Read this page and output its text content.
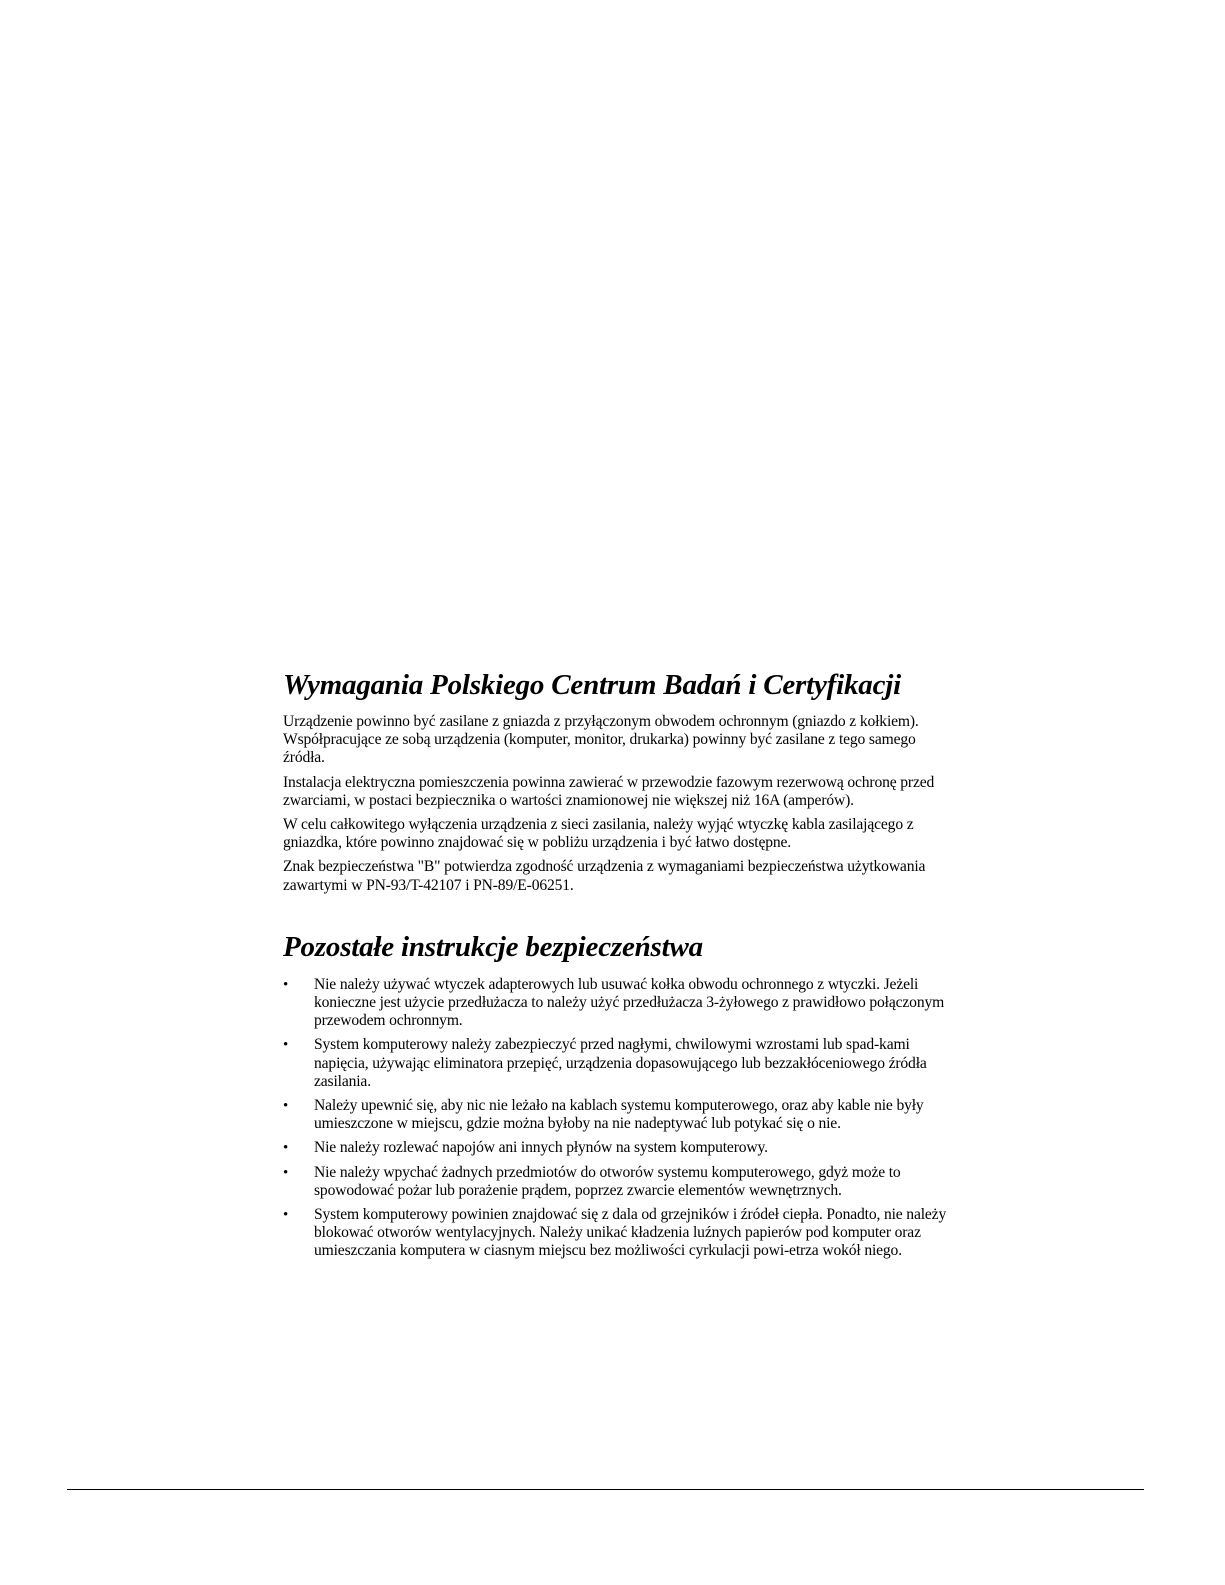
Wymagania Polskiego Centrum Badań i Certyfikacji

Urządzenie powinno być zasilane z gniazda z przyłączonym obwodem ochronnym (gniazdo z kołkiem). Współpracujące ze sobą urządzenia (komputer, monitor, drukarka) powinny być zasilane z tego samego źródła.

Instalacja elektryczna pomieszczenia powinna zawierać w przewodzie fazowym rezerwową ochronę przed zwarciami, w postaci bezpiecznika o wartości znamionowej nie większej niż 16A (amperów).

W celu całkowitego wyłączenia urządzenia z sieci zasilania, należy wyjąć wtyczkę kabla zasilającego z gniazdka, które powinno znajdować się w pobliżu urządzenia i być łatwo dostępne.

Znak bezpieczeństwa "B" potwierdza zgodność urządzenia z wymaganiami bezpieczeństwa użytkowania zawartymi w PN-93/T-42107 i PN-89/E-06251.

Pozostałe instrukcje bezpieczeństwa
• Nie należy używać wtyczek adapterowych lub usuwać kołka obwodu ochronnego z wtyczki. Jeżeli konieczne jest użycie przedłużacza to należy użyć przedłużacza 3-żyłowego z prawidłowo połączonym przewodem ochronnym.
• System komputerowy należy zabezpieczyć przed nagłymi, chwilowymi wzrostami lub spad-kami napięcia, używając eliminatora przepięć, urządzenia dopasowującego lub bezzakłóceniowego źródła zasilania.
• Należy upewnić się, aby nic nie leżało na kablach systemu komputerowego, oraz aby kable nie były umieszczone w miejscu, gdzie można byłoby na nie nadeptywać lub potykać się o nie.
• Nie należy rozlewać napojów ani innych płynów na system komputerowy.
• Nie należy wpychać żadnych przedmiotów do otworów systemu komputerowego, gdyż może to spowodować pożar lub porażenie prądem, poprzez zwarcie elementów wewnętrznych.
• System komputerowy powinien znajdować się z dala od grzejników i źródeł ciepła. Ponadto, nie należy blokować otworów wentylacyjnych. Należy unikać kładzenia luźnych papierów pod komputer oraz umieszczania komputera w ciasnym miejscu bez możliwości cyrkulacji powi-etrza wokół niego.
